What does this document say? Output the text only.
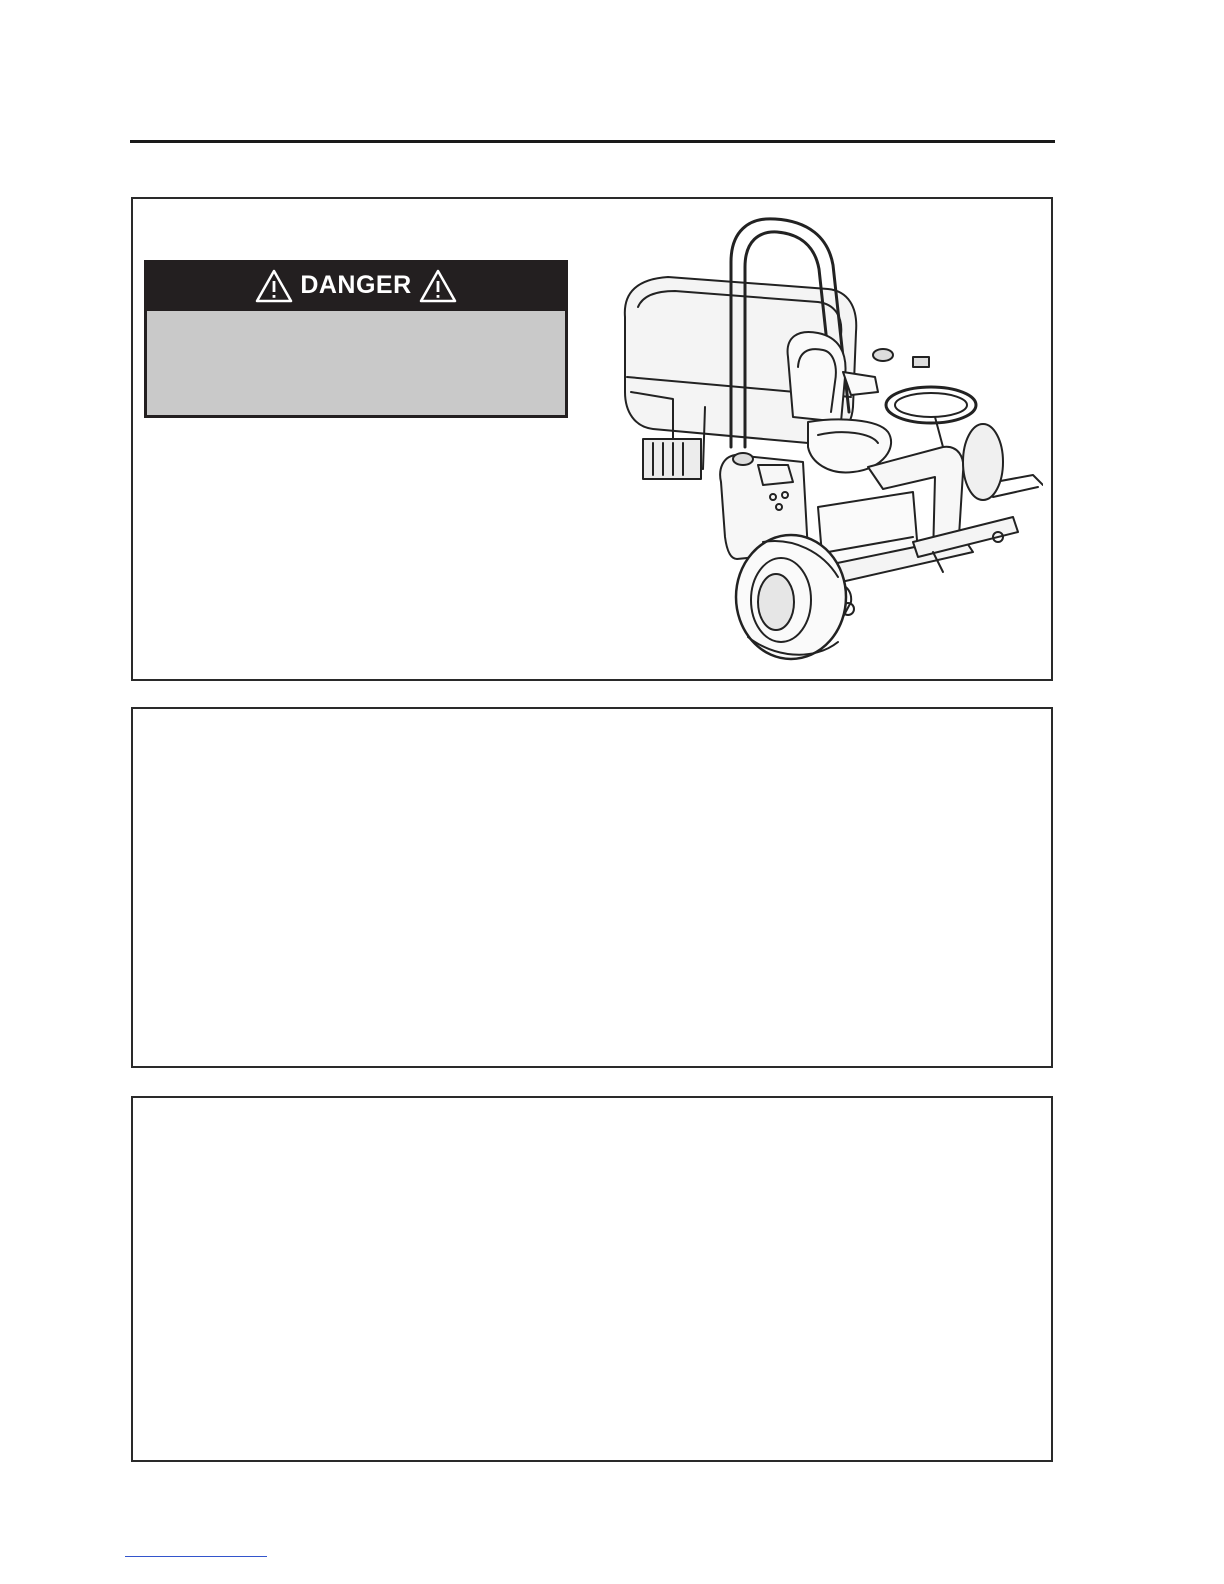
DANGER
